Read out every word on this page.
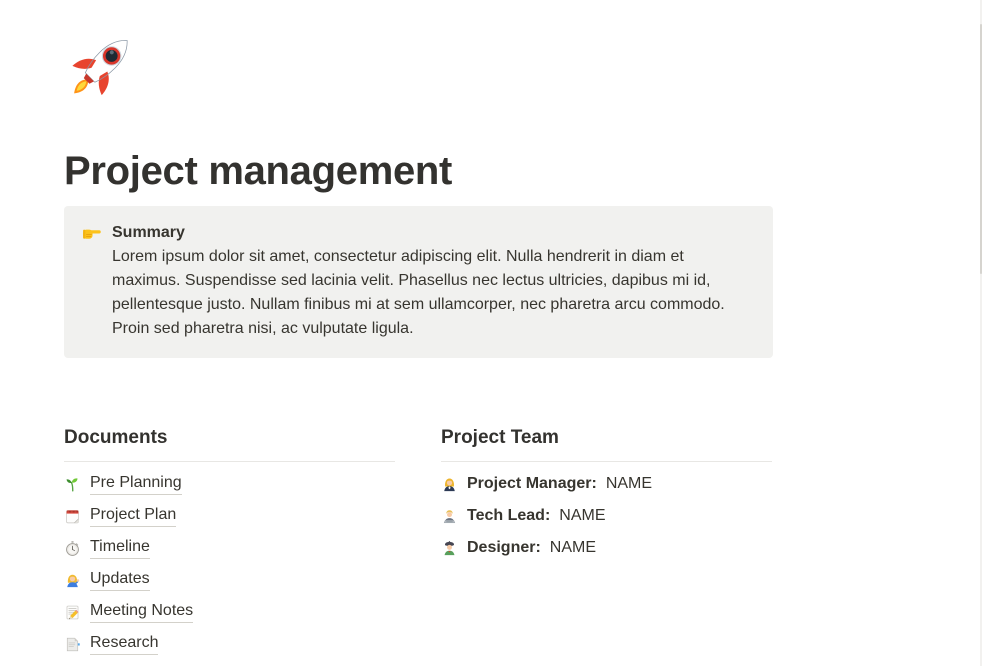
Project management

Summary

Lorem ipsum dolor sit amet, consectetur adipiscing elit. Nulla hendrerit in diam et maximus. Suspendisse sed lacinia velit. Phasellus nec lectus ultricies, dapibus mi id, pellentesque justo. Nullam finibus mi at sem ullamcorper, nec pharetra arcu commodo. Proin sed pharetra nisi, ac vulputate ligula.

Documents
Pre Planning
Project Plan
Timeline
Updates
Meeting Notes
Research
Project Team
Project Manager: NAME
Tech Lead: NAME
Designer: NAME
